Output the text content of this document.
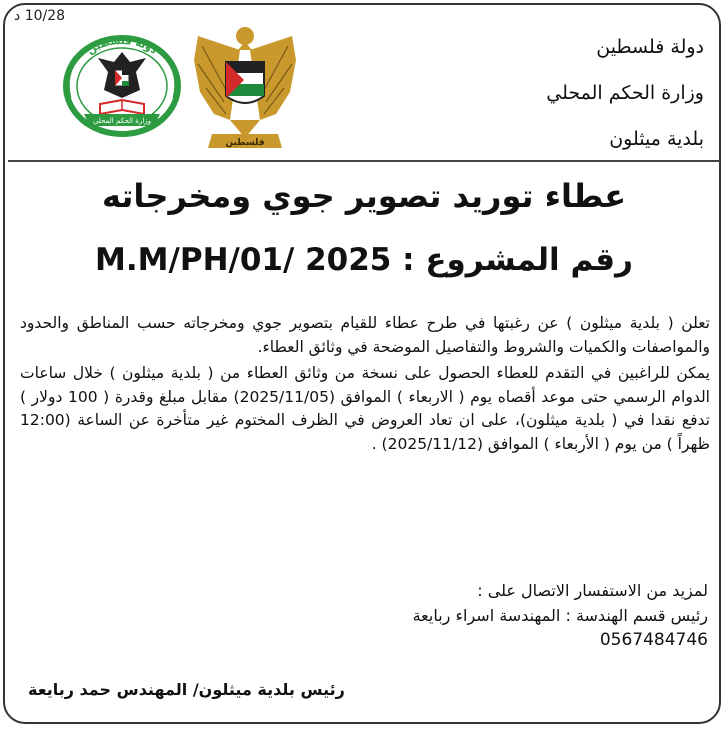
10/28 د
دولة فلسطين
وزارة الحكم المحلي
فلسطين
دولة فلسطين
وزارة الحكم المحلي
بلدية ميثلون
عطاء توريد تصوير جوي ومخرجاته
رقم المشروع : M.M/PH/01/ 2025

تعلن ( بلدية ميثلون ) عن رغبتها في طرح عطاء للقيام بتصوير جوي ومخرجاته حسب المناطق والحدود والمواصفات والكميات والشروط والتفاصيل الموضحة في وثائق العطاء.

يمكن للراغبين في التقدم للعطاء الحصول على نسخة من وثائق العطاء من ( بلدية ميثلون ) خلال ساعات الدوام الرسمي حتى موعد أقصاه يوم ( الاربعاء ) الموافق (2025/11/05) مقابل مبلغ وقدرة ( 100 دولار ) تدفع نقدا في ( بلدية ميثلون)، على ان تعاد العروض في الظرف المختوم غير متأخرة عن الساعة (12:00 ظهراً ) من يوم ( الأربعاء ) الموافق (2025/11/12) .

لمزيد من الاستفسار الاتصال على :
رئيس قسم الهندسة : المهندسة اسراء ربايعة
0567484746
رئيس بلدية ميثلون/ المهندس حمد ربايعة
